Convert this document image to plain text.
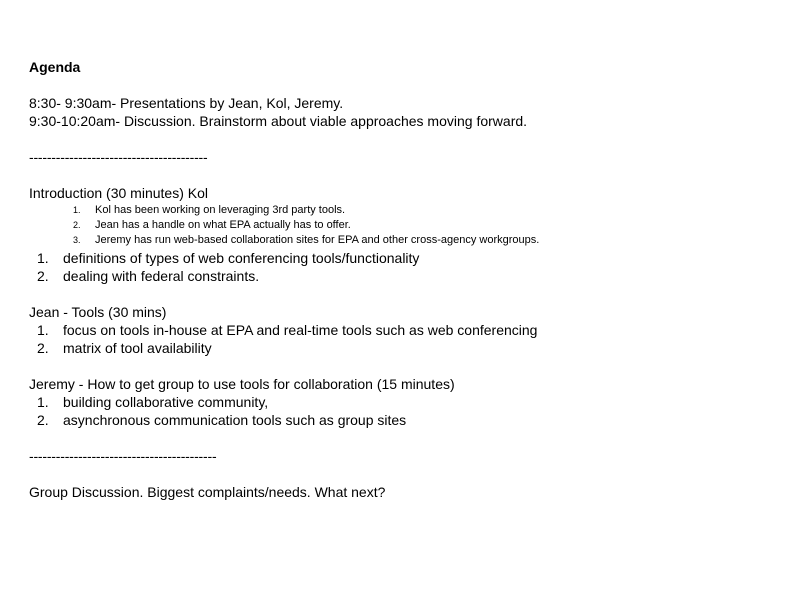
Agenda

8:30- 9:30am- Presentations by Jean, Kol, Jeremy.

9:30-10:20am- Discussion. Brainstorm about viable approaches moving forward.

----------------------------------------

Introduction (30 minutes) Kol

1. Kol has been working on leveraging 3rd party tools.
2. Jean has a handle on what EPA actually has to offer.
3. Jeremy has run web-based collaboration sites for EPA and other cross-agency workgroups.
1. definitions of types of web conferencing tools/functionality
2. dealing with federal constraints.

Jean - Tools (30 mins)

1. focus on tools in-house at EPA and real-time tools such as web conferencing
2. matrix of tool availability

Jeremy - How to get group to use tools for collaboration (15 minutes)

1. building collaborative community,
2. asynchronous communication tools such as group sites

------------------------------------------

Group Discussion. Biggest complaints/needs. What next?
